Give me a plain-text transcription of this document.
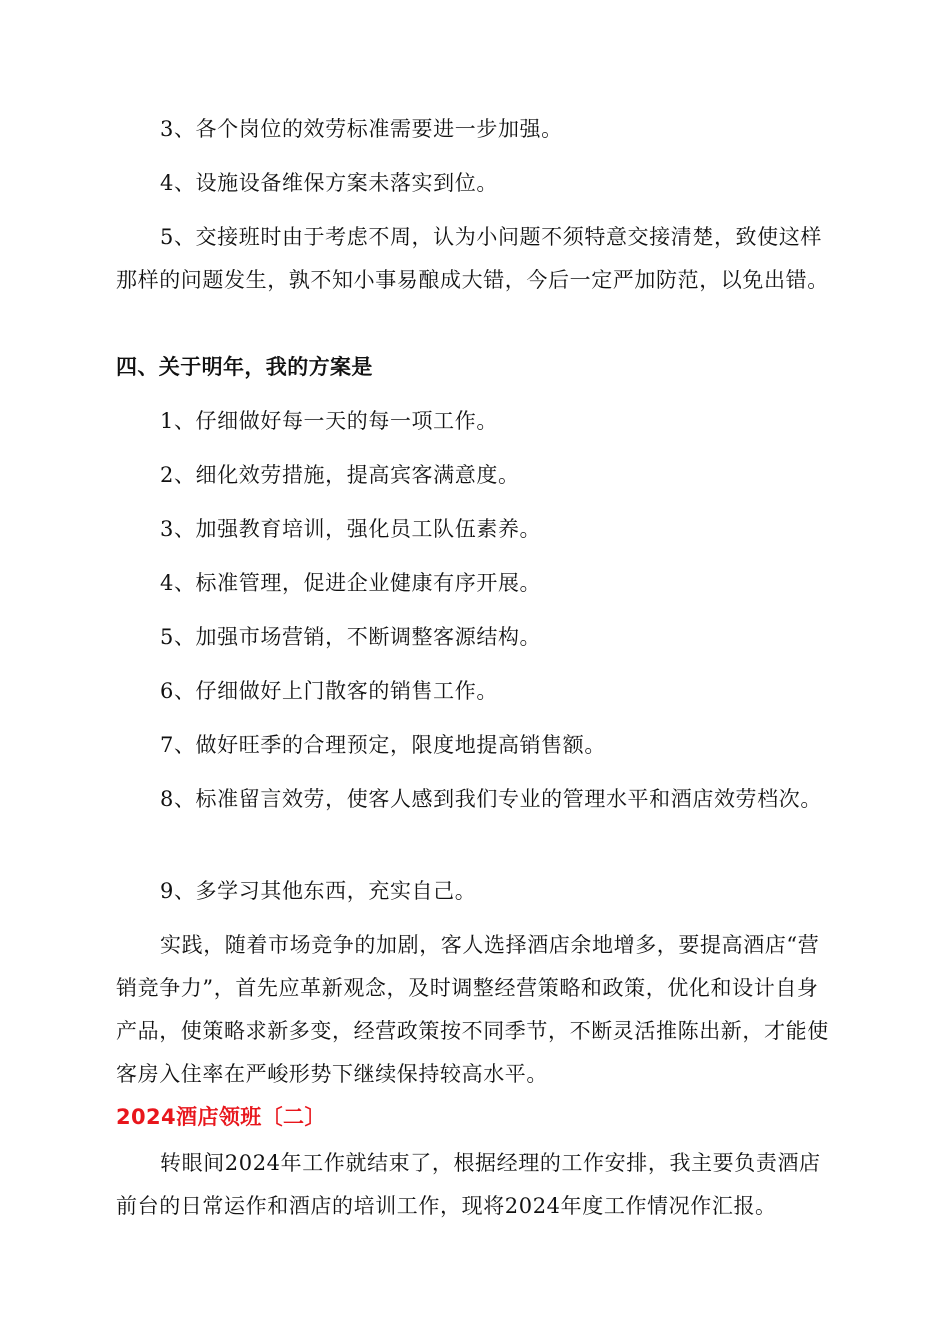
3、各个岗位的效劳标准需要进一步加强。

4、设施设备维保方案未落实到位。

5、交接班时由于考虑不周，认为小问题不须特意交接清楚，致使这样那样的问题发生，孰不知小事易酿成大错，今后一定严加防范，以免出错。

四、关于明年，我的方案是

1、仔细做好每一天的每一项工作。

2、细化效劳措施，提高宾客满意度。

3、加强教育培训，强化员工队伍素养。

4、标准管理，促进企业健康有序开展。

5、加强市场营销，不断调整客源结构。

6、仔细做好上门散客的销售工作。

7、做好旺季的合理预定，限度地提高销售额。

8、标准留言效劳，使客人感到我们专业的管理水平和酒店效劳档次。

9、多学习其他东西，充实自己。

实践，随着市场竞争的加剧，客人选择酒店余地增多，要提高酒店“营销竞争力”，首先应革新观念，及时调整经营策略和政策，优化和设计自身产品，使策略求新多变，经营政策按不同季节，不断灵活推陈出新，才能使客房入住率在严峻形势下继续保持较高水平。

2024酒店领班〔二〕

转眼间2024年工作就结束了，根据经理的工作安排，我主要负责酒店前台的日常运作和酒店的培训工作，现将2024年度工作情况作汇报。
